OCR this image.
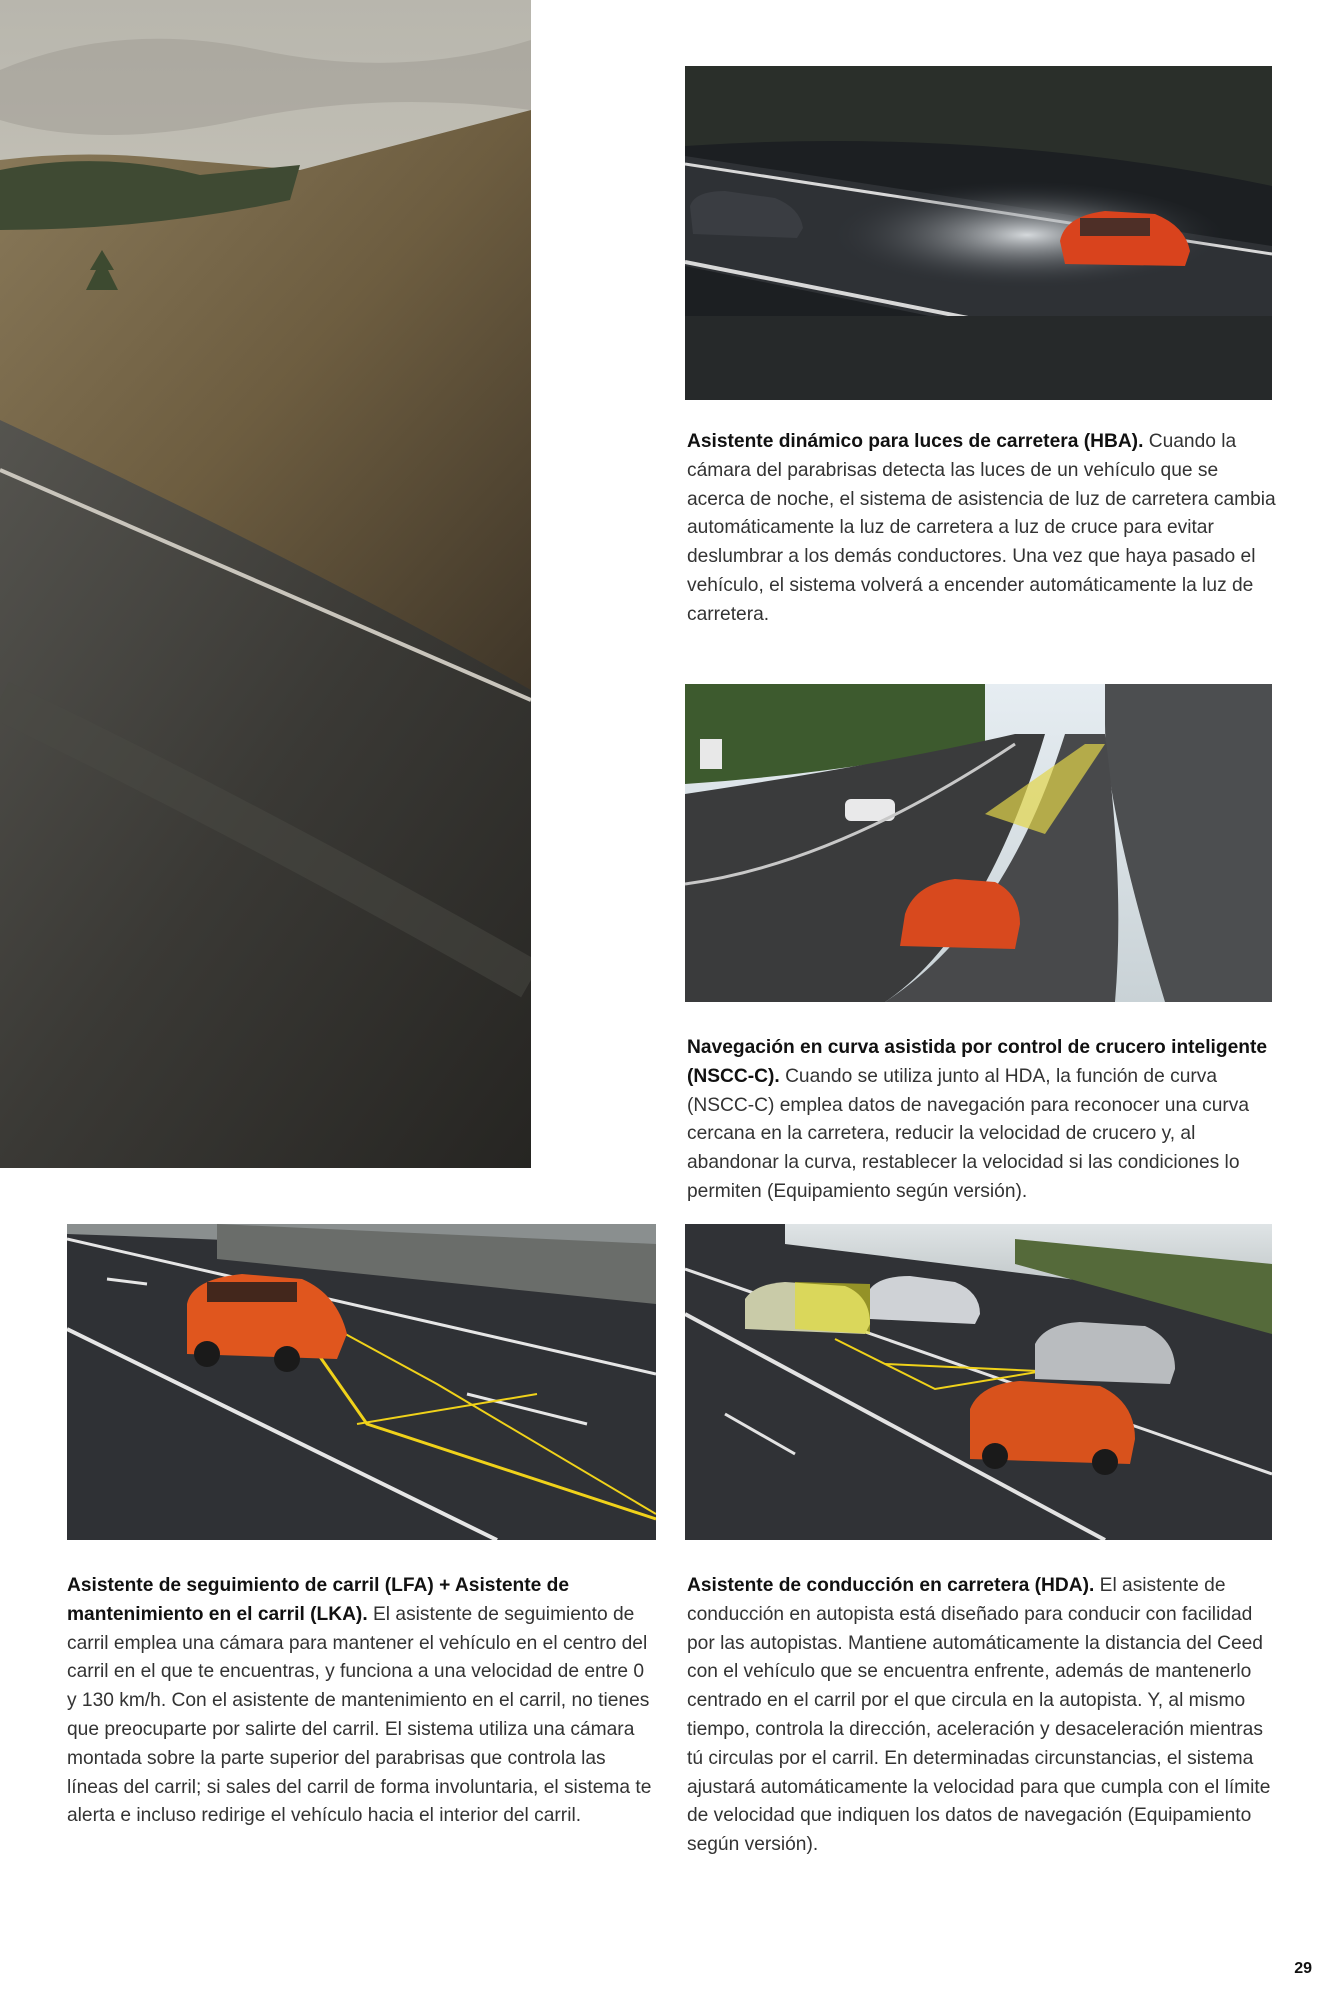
Asistente dinámico para luces de carretera (HBA). Cuando la cámara del parabrisas detecta las luces de un vehículo que se acerca de noche, el sistema de asistencia de luz de carretera cambia automáticamente la luz de carretera a luz de cruce para evitar deslumbrar a los demás conductores. Una vez que haya pasado el vehículo, el sistema volverá a encender automáticamente la luz de carretera.
Navegación en curva asistida por control de crucero inteligente (NSCC-C). Cuando se utiliza junto al HDA, la función de curva (NSCC-C) emplea datos de navegación para reconocer una curva cercana en la carretera, reducir la velocidad de crucero y, al abandonar la curva, restablecer la velocidad si las condiciones lo permiten (Equipamiento según versión).
Asistente de seguimiento de carril (LFA) + Asistente de mantenimiento en el carril (LKA). El asistente de seguimiento de carril emplea una cámara para mantener el vehículo en el centro del carril en el que te encuentras, y funciona a una velocidad de entre 0 y 130 km/h. Con el asistente de mantenimiento en el carril, no tienes que preocuparte por salirte del carril. El sistema utiliza una cámara montada sobre la parte superior del parabrisas que controla las líneas del carril; si sales del carril de forma involuntaria, el sistema te alerta e incluso redirige el vehículo hacia el interior del carril.
Asistente de conducción en carretera (HDA). El asistente de conducción en autopista está diseñado para conducir con facilidad por las autopistas. Mantiene automáticamente la distancia del Ceed con el vehículo que se encuentra enfrente, además de mantenerlo centrado en el carril por el que circula en la autopista. Y, al mismo tiempo, controla la dirección, aceleración y desaceleración mientras tú circulas por el carril. En determinadas circunstancias, el sistema ajustará automáticamente la velocidad para que cumpla con el límite de velocidad que indiquen los datos de navegación (Equipamiento según versión).
29
